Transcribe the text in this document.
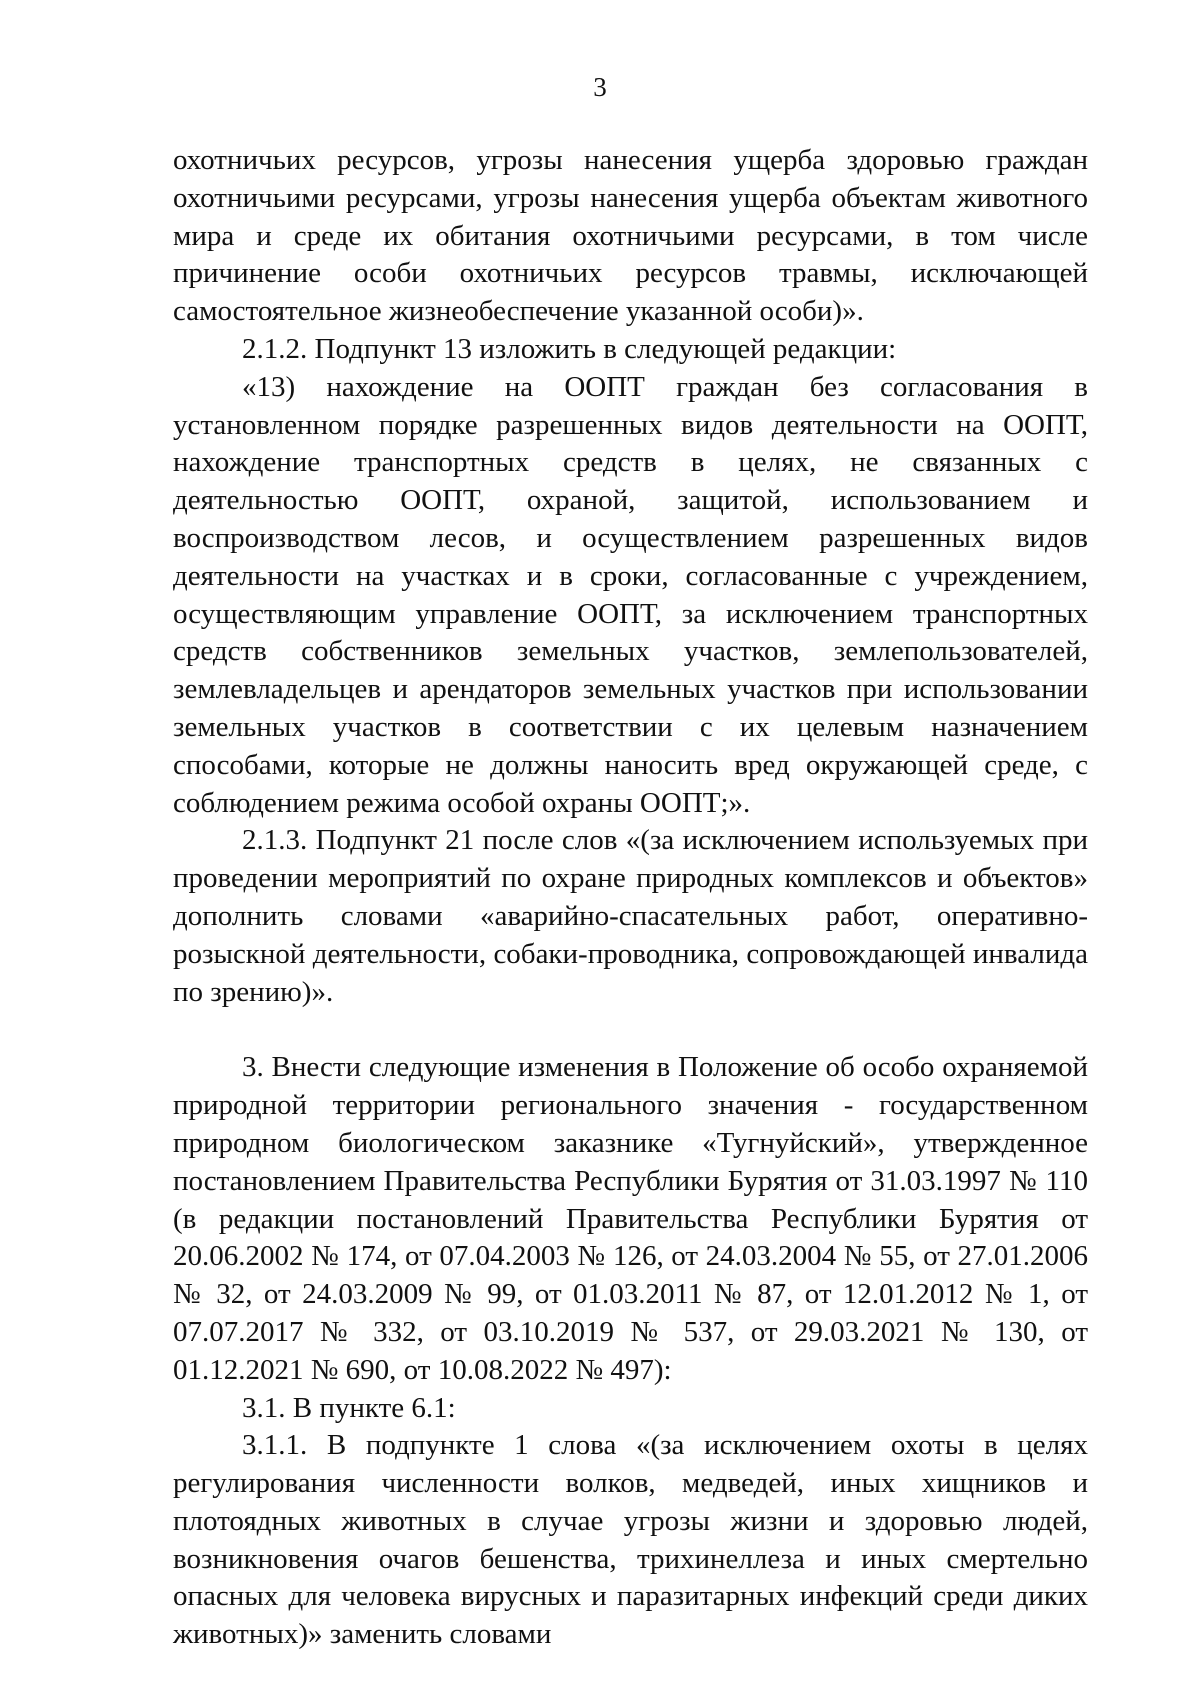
3

охотничьих ресурсов, угрозы нанесения ущерба здоровью граждан охотничьими ресурсами, угрозы нанесения ущерба объектам животного мира и среде их обитания охотничьими ресурсами, в том числе причинение особи охотничьих ресурсов травмы, исключающей самостоятельное жизнеобеспечение указанной особи)».

2.1.2. Подпункт 13 изложить в следующей редакции:

«13) нахождение на ООПТ граждан без согласования в установленном порядке разрешенных видов деятельности на ООПТ, нахождение транспортных средств в целях, не связанных с деятельностью ООПТ, охраной, защитой, использованием и воспроизводством лесов, и осуществлением разрешенных видов деятельности на участках и в сроки, согласованные с учреждением, осуществляющим управление ООПТ, за исключением транспортных средств собственников земельных участков, землепользователей, землевладельцев и арендаторов земельных участков при использовании земельных участков в соответствии с их целевым назначением способами, которые не должны наносить вред окружающей среде, с соблюдением режима особой охраны ООПТ;».

2.1.3. Подпункт 21 после слов «(за исключением используемых при проведении мероприятий по охране природных комплексов и объектов» дополнить словами «аварийно-спасательных работ, оперативно-розыскной деятельности, собаки-проводника, сопровождающей инвалида по зрению)».

3. Внести следующие изменения в Положение об особо охраняемой природной территории регионального значения - государственном природном биологическом заказнике «Тугнуйский», утвержденное постановлением Правительства Республики Бурятия от 31.03.1997 № 110 (в редакции постановлений Правительства Республики Бурятия от 20.06.2002 № 174, от 07.04.2003 № 126, от 24.03.2004 № 55, от 27.01.2006 № 32, от 24.03.2009 № 99, от 01.03.2011 № 87, от 12.01.2012 № 1, от 07.07.2017 № 332, от 03.10.2019 № 537, от 29.03.2021 № 130, от 01.12.2021 № 690, от 10.08.2022 № 497):

3.1. В пункте 6.1:

3.1.1. В подпункте 1 слова «(за исключением охоты в целях регулирования численности волков, медведей, иных хищников и плотоядных животных в случае угрозы жизни и здоровью людей, возникновения очагов бешенства, трихинеллеза и иных смертельно опасных для человека вирусных и паразитарных инфекций среди диких животных)» заменить словами
